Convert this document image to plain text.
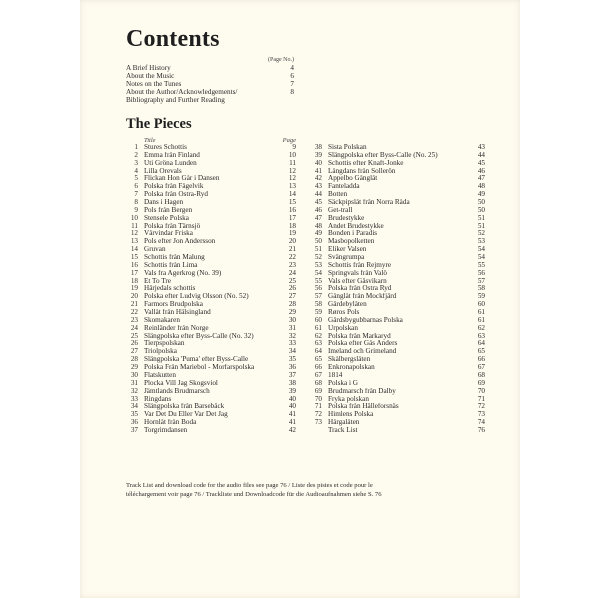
Contents
(Page No.)
A Brief History	4
About the Music	6
Notes on the Tunes	7
About the Author/Acknowledgements/	8
Bibliography and Further Reading
The Pieces
Title	Page
1 Stures Schottis	9
2 Emma från Finland	10
3 Uti Gröna Lunden	11
4 Lilla Orevals	12
5 Flickan Hon Går i Dansen	12
6 Polska från Fågelvik	13
7 Polska från Östra-Ryd	14
8 Dans i Hagen	15
9 Pols från Bergen	16
10 Stensele Polska	17
11 Polska från Tärnsjö	18
12 Vårvindar Friska	19
13 Pols efter Jon Andersson	20
14 Gruvan	21
15 Schottis från Malung	22
16 Schottis från Lima	23
17 Vals fra Agerkrog (No. 39)	24
18 Et To Tre	25
19 Härjedals schottis	26
20 Polska efter Ludvig Olsson (No. 52)	27
21 Farmors Brudpolska	28
22 Vallåt från Hälsingland	29
23 Skomakaren	30
24 Reinländer från Norge	31
25 Slängpolska efter Byss-Calle (No. 32)	32
26 Tierpspolskan	33
27 Triolpolska	34
28 Slängpolska 'Puma' efter Byss-Calle	35
29 Polska Från Mariebol - Morfarspolska	36
30 Flatskutten	37
31 Plocka Vill Jag Skogsviol	38
32 Jämtlands Brudmarsch	39
33 Ringdans	40
34 Slängpolska från Barsebäck	40
35 Var Det Du Eller Var Det Jag	41
36 Hornlåt från Boda	41
37 Torgrimdansen	42
38 Sista Polskan	43
39 Slängpolska efter Byss-Calle (No. 25)	44
40 Schottis efter Knaft-Jonke	45
41 Långdans från Sollerön	46
42 Äppelbo Gånglåt	47
43 Fanteladda	48
44 Botten	49
45 Säckpipslåt från Norra Råda	50
46 Get-trall	50
47 Brudestykke	51
48 Andet Brudestykke	51
49 Bonden i Paradis	52
50 Masbopolketten	53
51 Eliker Valsen	54
52 Svängrumpa	54
53 Schottis från Rejmyre	55
54 Springvals från Valö	56
55 Vals efter Gäsvikarn	57
56 Polska från Östra Ryd	58
57 Gånglåt från Mockfjärd	59
58 Gärdebylåten	60
59 Røros Pols	61
60 Gärdsbygubbarnas Polska	61
61 Urpolskan	62
62 Polska från Markaryd	63
63 Polska efter Gås Anders	64
64 Imeland och Grimeland	65
65 Skålbergslåten	66
66 Enkronapolskan	67
67 1814	68
68 Polska i G	69
69 Brudmarsch från Dalby	70
70 Fryka polskan	71
71 Polska från Hälleforsnäs	72
72 Himlens Polska	73
73 Hårgalåten	74
Track List	76
Track List and download code for the audio files see page 76 / Liste des pistes et code pour le
téléchargement voir page 76 / Trackliste und Downloadcode für die Audioaufnahmen siehe S. 76
